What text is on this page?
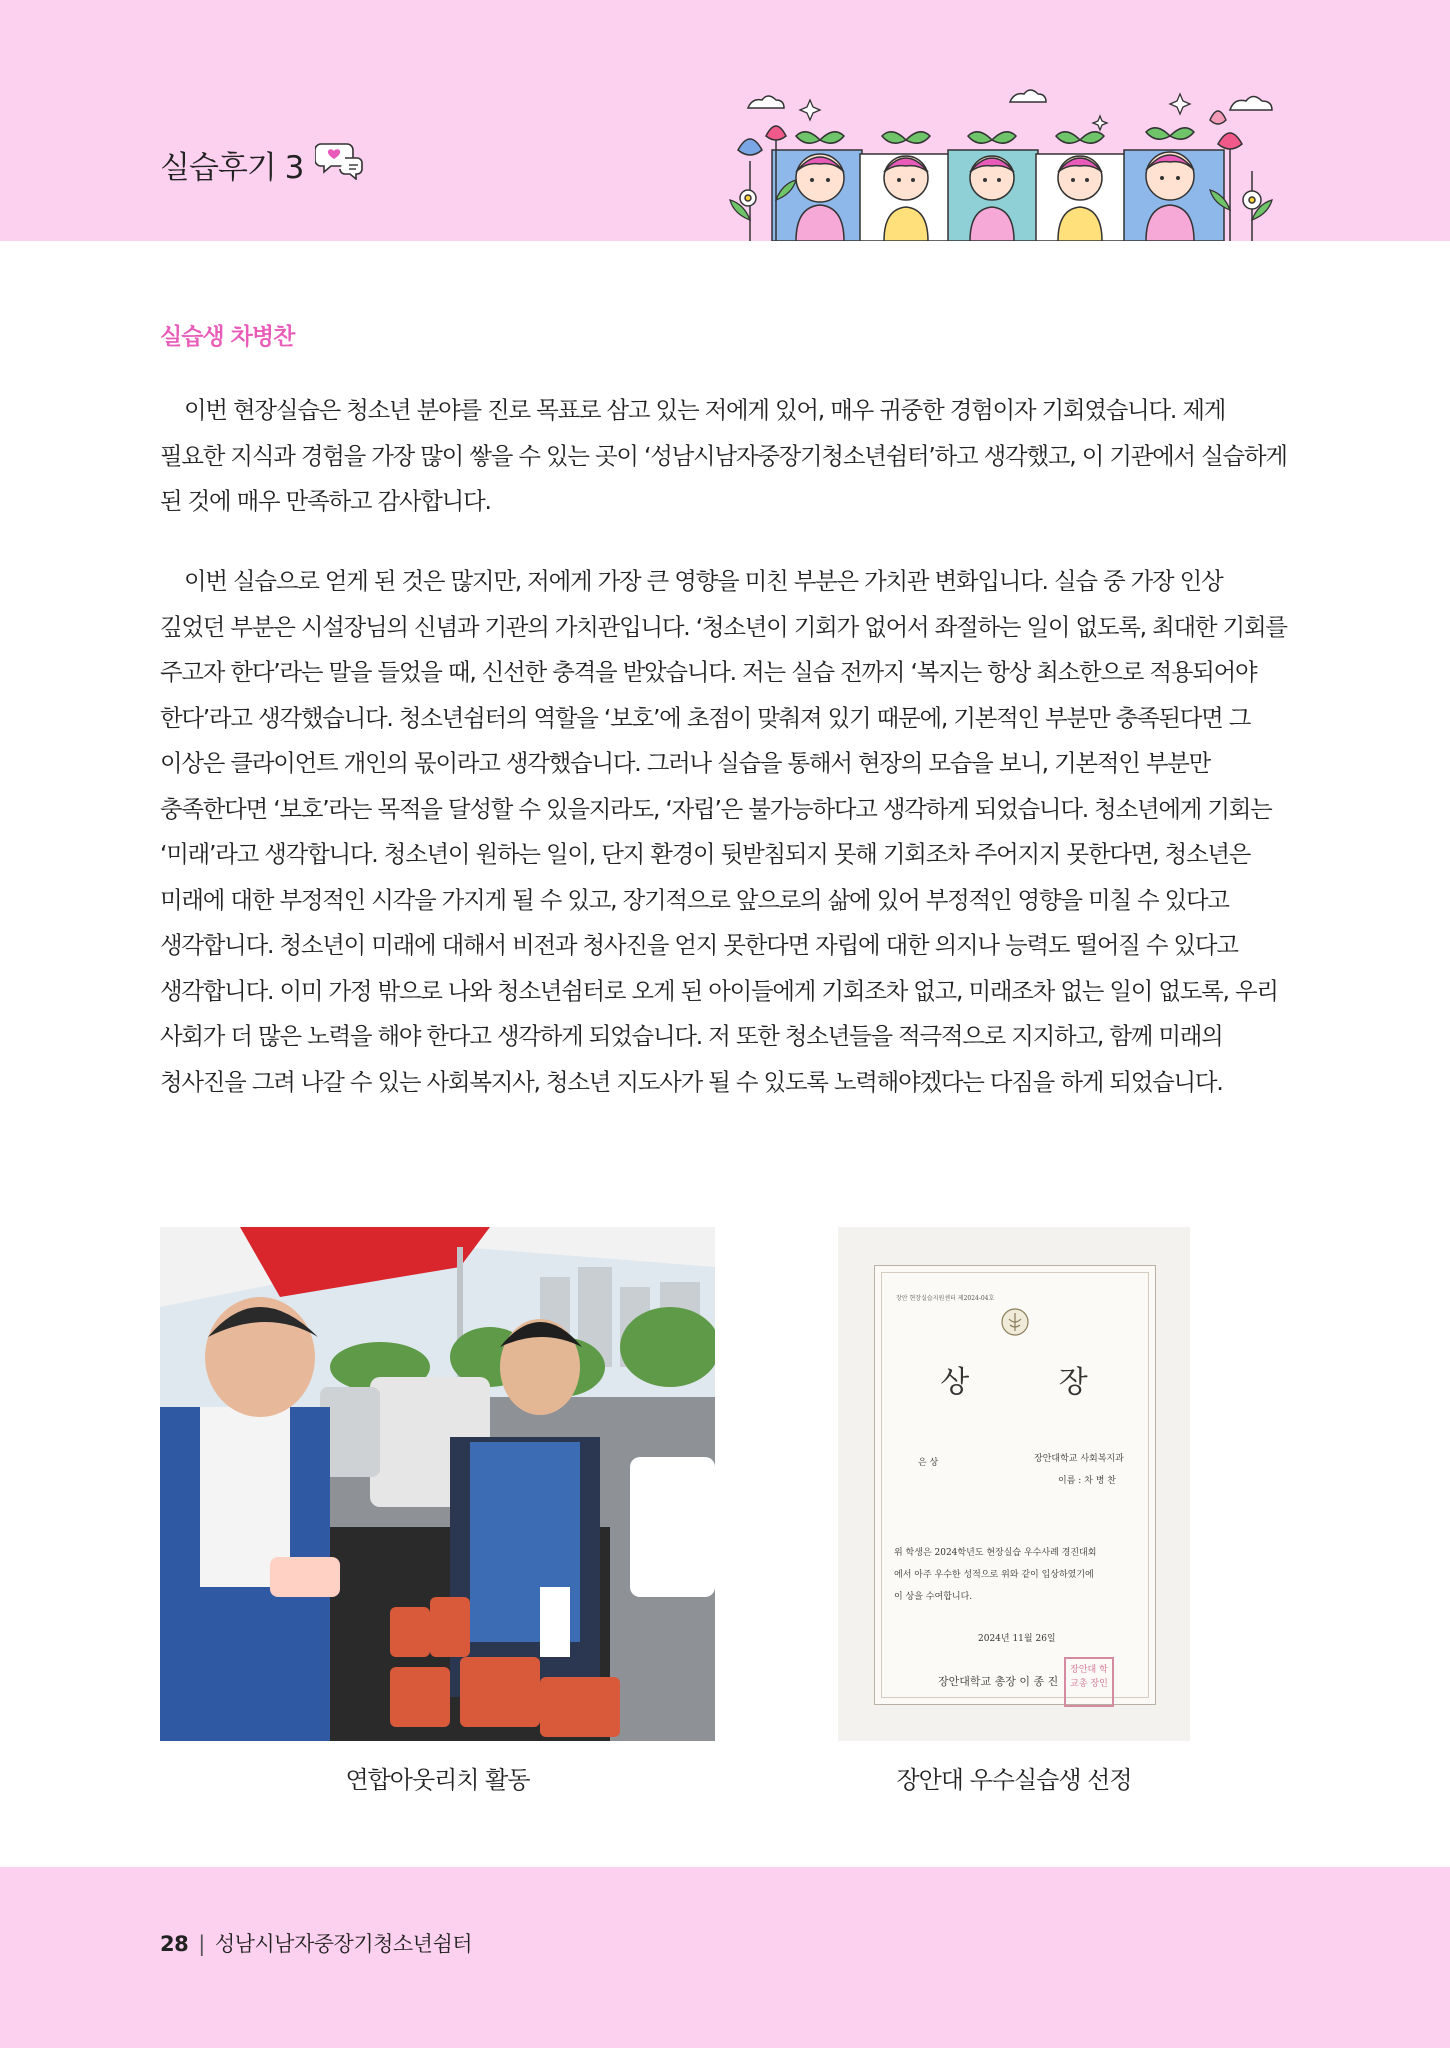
실습후기 3
실습생 차병찬

이번 현장실습은 청소년 분야를 진로 목표로 삼고 있는 저에게 있어, 매우 귀중한 경험이자 기회였습니다. 제게 필요한 지식과 경험을 가장 많이 쌓을 수 있는 곳이 ‘성남시남자중장기청소년쉼터’하고 생각했고, 이 기관에서 실습하게 된 것에 매우 만족하고 감사합니다.

이번 실습으로 얻게 된 것은 많지만, 저에게 가장 큰 영향을 미친 부분은 가치관 변화입니다. 실습 중 가장 인상 깊었던 부분은 시설장님의 신념과 기관의 가치관입니다. ‘청소년이 기회가 없어서 좌절하는 일이 없도록, 최대한 기회를 주고자 한다’라는 말을 들었을 때, 신선한 충격을 받았습니다. 저는 실습 전까지 ‘복지는 항상 최소한으로 적용되어야 한다’라고 생각했습니다. 청소년쉼터의 역할을 ‘보호’에 초점이 맞춰져 있기 때문에, 기본적인 부분만 충족된다면 그 이상은 클라이언트 개인의 몫이라고 생각했습니다. 그러나 실습을 통해서 현장의 모습을 보니, 기본적인 부분만 충족한다면 ‘보호’라는 목적을 달성할 수 있을지라도, ‘자립’은 불가능하다고 생각하게 되었습니다. 청소년에게 기회는 ‘미래’라고 생각합니다. 청소년이 원하는 일이, 단지 환경이 뒷받침되지 못해 기회조차 주어지지 못한다면, 청소년은 미래에 대한 부정적인 시각을 가지게 될 수 있고, 장기적으로 앞으로의 삶에 있어 부정적인 영향을 미칠 수 있다고 생각합니다. 청소년이 미래에 대해서 비전과 청사진을 얻지 못한다면 자립에 대한 의지나 능력도 떨어질 수 있다고 생각합니다. 이미 가정 밖으로 나와 청소년쉼터로 오게 된 아이들에게 기회조차 없고, 미래조차 없는 일이 없도록, 우리 사회가 더 많은 노력을 해야 한다고 생각하게 되었습니다. 저 또한 청소년들을 적극적으로 지지하고, 함께 미래의 청사진을 그려 나갈 수 있는 사회복지사, 청소년 지도사가 될 수 있도록 노력해야겠다는 다짐을 하게 되었습니다.

장안 현장실습지원센터 제2024-04호
상 장
은 상	장안대학교 사회복지과
이름 : 차 병 찬
위 학생은 2024학년도 현장실습 우수사례 경진대회
에서 아주 우수한 성적으로 위와 같이 입상하였기에
이 상을 수여합니다.
2024년 11월 26일
장안대학교 총장 이 종 진
장안대 학교총 장인
연합아웃리치 활동	장안대 우수실습생 선정
28 | 성남시남자중장기청소년쉼터
